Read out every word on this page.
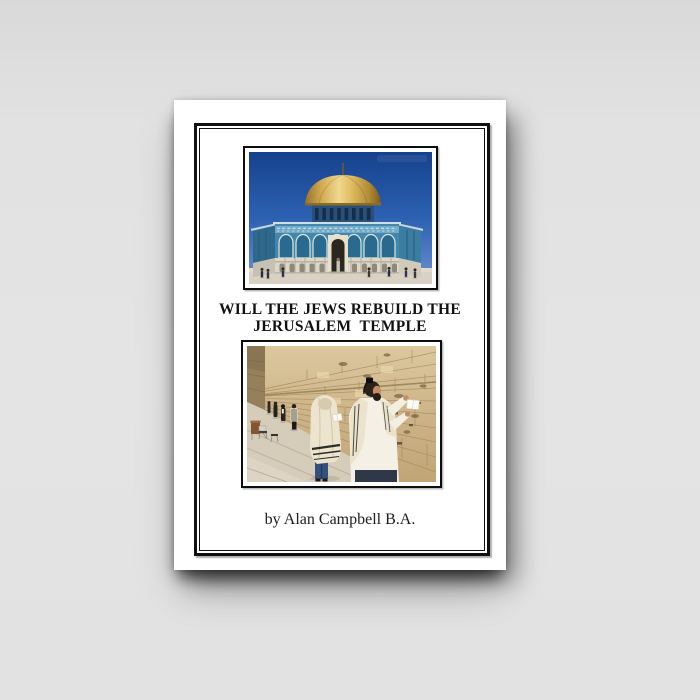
WILL THE JEWS REBUILD THE
JERUSALEM  TEMPLE
by Alan Campbell B.A.
